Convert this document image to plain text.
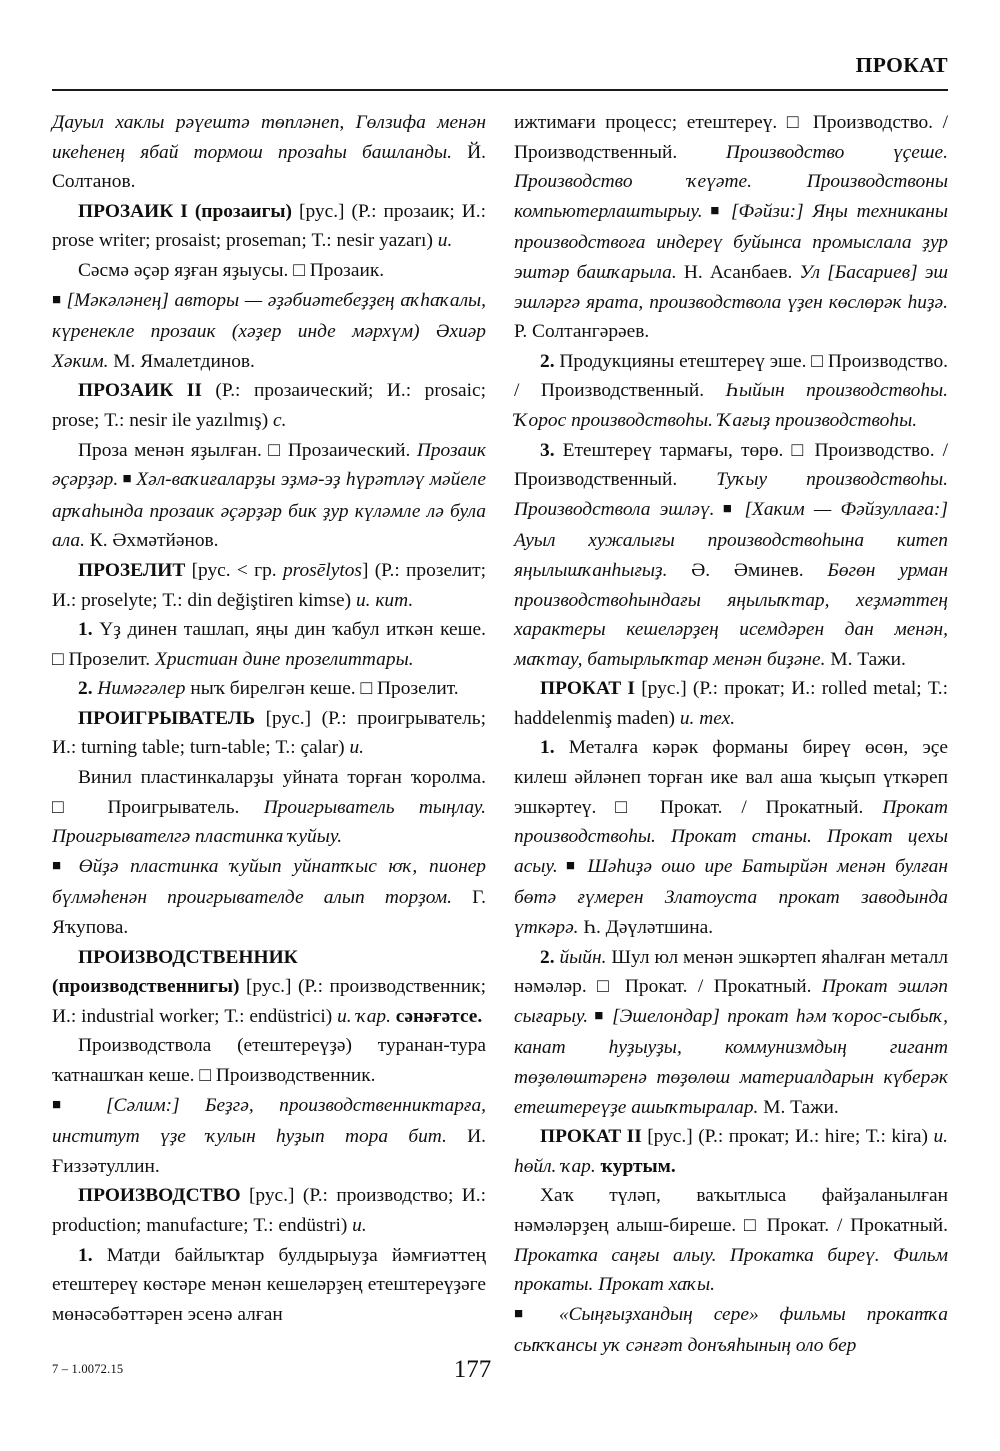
ПРОКАТ

Дауыл хаклы рәүештә төпләнеп, Гөлзифа менән икеһенең ябай тормош прозаһы башланды. Й. Солтанов.

ПРОЗАИК I (прозаигы) [рус.] (Р.: прозаик; И.: prose writer; prosaist; proseman; Т.: nesir yazarı) и.

Сәсмә әҫәр яҙған яҙыусы. □ Прозаик.

■ [Мәкәләнең] авторы — әҙәбиәтебеҙҙең аҡһаҡалы, күренекле прозаик (хәҙер инде мәрхүм) Әхиәр Хәким. М. Ямалетдинов.

ПРОЗАИК II (Р.: прозаический; И.: prosaic; prose; Т.: nesir ile yazılmış) с.

Проза менән яҙылған. □ Прозаический. Прозаик әҫәрҙәр. ■ Хәл-ваҡиғаларҙы эҙмә-эҙ һүрәтләү мәйеле арҡаһында прозаик әҫәрҙәр бик ҙур күләмле лә була ала. К. Әхмәтйәнов.

ПРОЗЕЛИТ [рус. < гр. prosēlytos] (Р.: прозелит; И.: proselyte; Т.: din değiştiren kimse) и. кит.

1. Үҙ динен ташлап, яңы дин ҡабул иткән кеше. □ Прозелит. Христиан дине прозелиттары.

2. Нимәгәлер ныҡ бирелгән кеше. □ Прозелит.

ПРОИГРЫВАТЕЛЬ [рус.] (Р.: проигрыватель; И.: turning table; turn-table; Т.: çalar) и.

Винил пластинкаларҙы уйната торған ҡоролма. □ Проигрыватель. Проигрыватель тыңлау. Проигрывателгә пластинка ҡуйыу.

■ Өйҙә пластинка ҡуйып уйнатҡыс юҡ, пионер бүлмәһенән проигрывателде алып торҙом. Г. Яҡупова.

ПРОИЗВОДСТВЕННИК (производственнигы) [рус.] (Р.: производственник; И.: industrial worker; Т.: endüstrici) и. ҡар. сәнәғәтсе.

Производствола (етештереүҙә) туранан-тура ҡатнашҡан кеше. □ Производственник.

■ [Сәлим:] Беҙгә, производственниктарға, институт үҙе ҡулын һуҙып тора бит. И. Ғиззәтуллин.

ПРОИЗВОДСТВО [рус.] (Р.: производство; И.: production; manufacture; Т.: endüstri) и.

1. Матди байлыҡтар булдырыуҙа йәмғиәттең етештереү көстәре менән кешеләрҙең етештереүҙәге мөнәсәбәттәрен эсенә алған

ижтимағи процесс; етештереү. □ Производство. / Производственный. Производство үҫеше. Производство ҡеүәте. Производствоны компьютерлаштырыу. ■ [Фәйзи:] Яңы техниканы производствоға индереү буйынса промыслала ҙур эштәр башҡарыла. Н. Асанбаев. Ул [Басариев] эш эшләргә ярата, производствола үҙен көслөрәк һиҙә. Р. Солтангәрәев.

2. Продукцияны етештереү эше. □ Производство. / Производственный. Һыйын производствоһы. Ҡорос производствоһы. Ҡағыҙ производствоһы.

3. Етештереү тармағы, төрө. □ Производство. / Производственный. Туҡыу производствоһы. Производствола эшләү. ■ [Хаким — Фәйзуллаға:] Ауыл хужалығы производствоһына китеп яңылышҡанһығыҙ. Ә. Әминев. Бөгөн урман производствоһындағы яңылыҡтар, хеҙмәттең характеры кешеләрҙең исемдәрен дан менән, маҡтау, батырлыҡтар менән биҙәне. М. Тажи.

ПРОКАТ I [рус.] (Р.: прокат; И.: rolled metal; Т.: haddelenmiş maden) и. тех.

1. Металға кәрәк форманы биреү өсөн, эҫе килеш әйләнеп торған ике вал аша ҡыҫып үткәреп эшкәртеү. □ Прокат. / Прокатный. Прокат производствоһы. Прокат станы. Прокат цехы асыу. ■ Шәһиҙә ошо ире Батырйән менән булған бөтә ғүмерен Златоуста прокат заводында үткәрә. Һ. Дәүләтшина.

2. йыйн. Шул юл менән эшкәртеп яһалған металл нәмәләр. □ Прокат. / Прокатный. Прокат эшләп сығарыу. ■ [Эшелондар] прокат һәм ҡорос-сыбыҡ, канат һуҙыуҙы, коммунизмдың гигант төҙөлөштәренә төҙөлөш материалдарын күберәк етештереүҙе ашыҡтыралар. М. Тажи.

ПРОКАТ II [рус.] (Р.: прокат; И.: hire; Т.: kira) и. һөйл. ҡар. ҡуртым.

Хаҡ түләп, ваҡытлыса файҙаланылған нәмәләрҙең алыш-биреше. □ Прокат. / Прокатный. Прокатка саңғы алыу. Прокатка биреү. Фильм прокаты. Прокат хаҡы.

■ «Сыңғыҙхандың сере» фильмы прокатҡа сыҡҡансы уҡ сәнғәт донъяһының оло бер

7 – 1.0072.15	177
